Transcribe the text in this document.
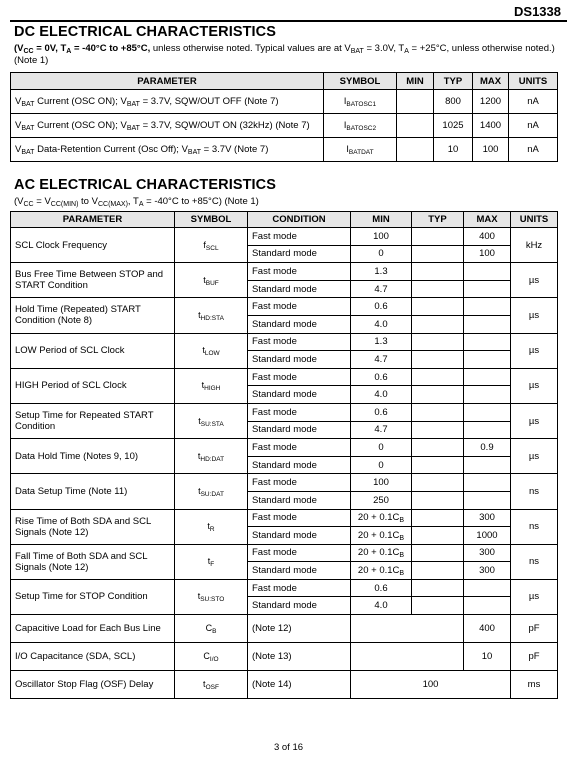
DS1338
DC ELECTRICAL CHARACTERISTICS
($V_{CC} = 0V$, $T_A = -40^\circ C$ to +85°C, unless otherwise noted. Typical values are at $V_{BAT} = 3.0V$, $T_A = +25^\circ C$, unless otherwise noted.) (Note 1)
PARAMETER	SYMBOL	MIN	TYP	MAX	UNITS
$V_{BAT}$ Current (OSC ON); $V_{BAT} = 3.7V$, SQW/OUT OFF (Note 7)	$I_{BATOSC1}$		800	1200	nA
$V_{BAT}$ Current (OSC ON); $V_{BAT} = 3.7V$, SQW/OUT ON (32kHz) (Note 7)	$I_{BATOSC2}$		1025	1400	nA
$V_{BAT}$ Data-Retention Current (Osc Off); $V_{BAT} = 3.7V$ (Note 7)	$I_{BATDAT}$		10	100	nA
AC ELECTRICAL CHARACTERISTICS
($V_{CC} = V_{CC(MIN)}$ to $V_{CC(MAX)}$, $T_A = -40^\circ C$ to +85°C) (Note 1)
PARAMETER	SYMBOL	CONDITION	MIN	TYP	MAX	UNITS
SCL Clock Frequency	$f_{SCL}$	Fast mode	100		400	kHz
		Standard mode	0		100	
Bus Free Time Between STOP and START Condition	$t_{BUF}$	Fast mode	1.3			µs
		Standard mode	4.7			
Hold Time (Repeated) START Condition (Note 8)	$t_{HD:STA}$	Fast mode	0.6			µs
		Standard mode	4.0			
LOW Period of SCL Clock	$t_{LOW}$	Fast mode	1.3			µs
		Standard mode	4.7			
HIGH Period of SCL Clock	$t_{HIGH}$	Fast mode	0.6			µs
		Standard mode	4.0			
Setup Time for Repeated START Condition	$t_{SU:STA}$	Fast mode	0.6			µs
		Standard mode	4.7			
Data Hold Time (Notes 9, 10)	$t_{HD:DAT}$	Fast mode	0		0.9	µs
		Standard mode	0			
Data Setup Time (Note 11)	$t_{SU:DAT}$	Fast mode	100			ns
		Standard mode	250			
Rise Time of Both SDA and SCL Signals (Note 12)	$t_R$	Fast mode	$20 + 0.1C_B$		300	ns
		Standard mode	$20 + 0.1C_B$		1000	
Fall Time of Both SDA and SCL Signals (Note 12)	$t_F$	Fast mode	$20 + 0.1C_B$		300	ns
		Standard mode	$20 + 0.1C_B$		300	
Setup Time for STOP Condition	$t_{SU:STO}$	Fast mode	0.6			µs
		Standard mode	4.0			
Capacitive Load for Each Bus Line	$C_B$	(Note 12)			400	pF
I/O Capacitance (SDA, SCL)	$C_{I/O}$	(Note 13)			10	pF
Oscillator Stop Flag (OSF) Delay	$t_{OSF}$	(Note 14)	100			ms
3 of 16
